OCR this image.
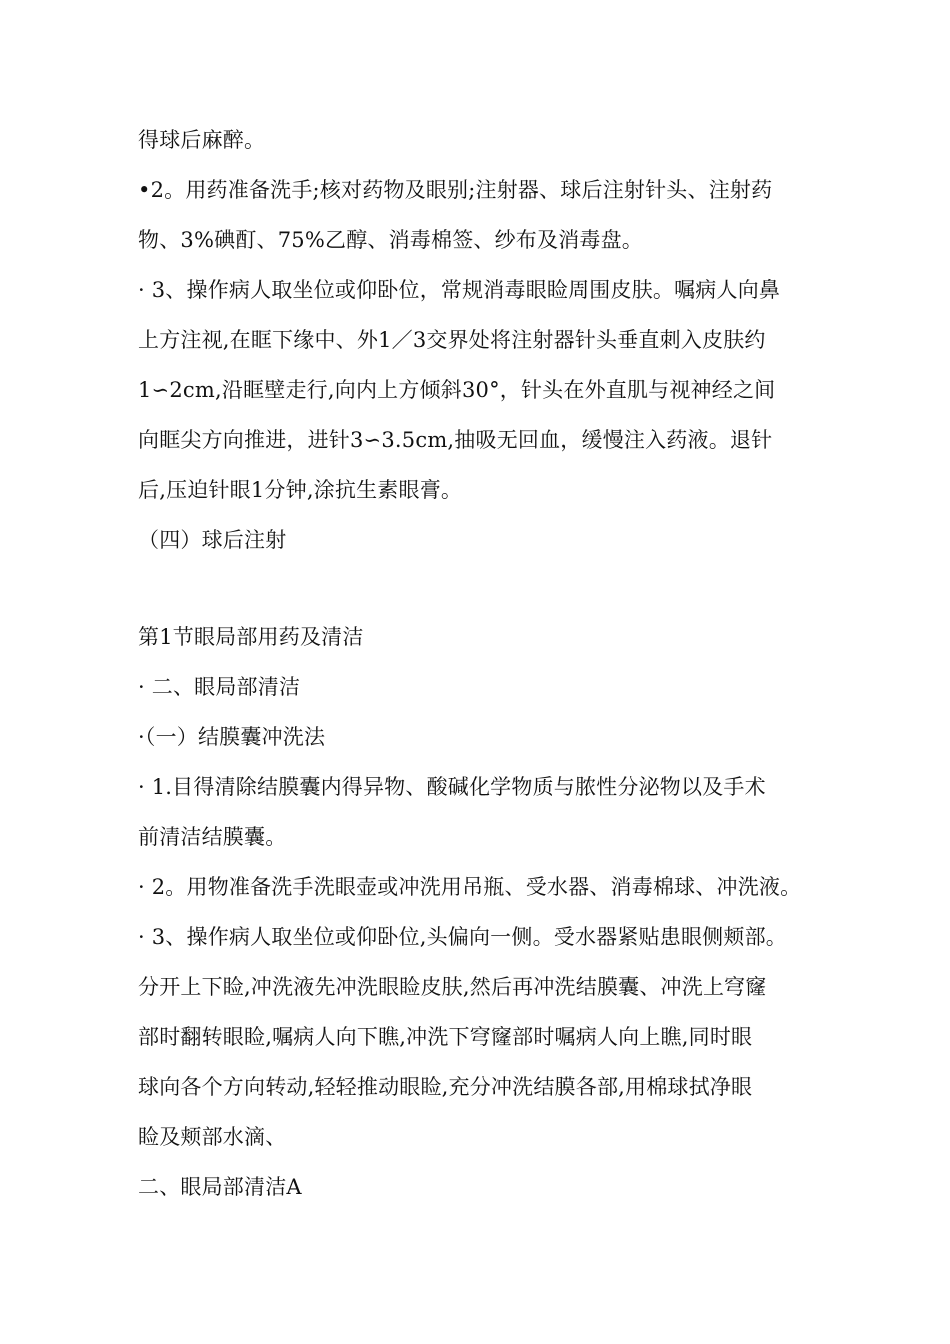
得球后麻醉。
•2。用药准备洗手;核对药物及眼别;注射器、球后注射针头、注射药
物、3%碘酊、75%乙醇、消毒棉签、纱布及消毒盘。
· 3、操作病人取坐位或仰卧位，常规消毒眼睑周围皮肤。嘱病人向鼻
上方注视,在眶下缘中、外1／3交界处将注射器针头垂直刺入皮肤约
1∽2cm,沿眶壁走行,向内上方倾斜30°，针头在外直肌与视神经之间
向眶尖方向推进，进针3∽3.5cm,抽吸无回血，缓慢注入药液。退针
后,压迫针眼1分钟,涂抗生素眼膏。
（四）球后注射
第1节眼局部用药及清洁
· 二、眼局部清洁
·（一）结膜囊冲洗法
· 1.目得清除结膜囊内得异物、酸碱化学物质与脓性分泌物以及手术
前清洁结膜囊。
· 2。用物准备洗手洗眼壶或冲洗用吊瓶、受水器、消毒棉球、冲洗液。
· 3、操作病人取坐位或仰卧位,头偏向一侧。受水器紧贴患眼侧颊部。
分开上下睑,冲洗液先冲洗眼睑皮肤,然后再冲洗结膜囊、冲洗上穹窿
部时翻转眼睑,嘱病人向下瞧,冲洗下穹窿部时嘱病人向上瞧,同时眼
球向各个方向转动,轻轻推动眼睑,充分冲洗结膜各部,用棉球拭净眼
睑及颊部水滴、
二、眼局部清洁A
